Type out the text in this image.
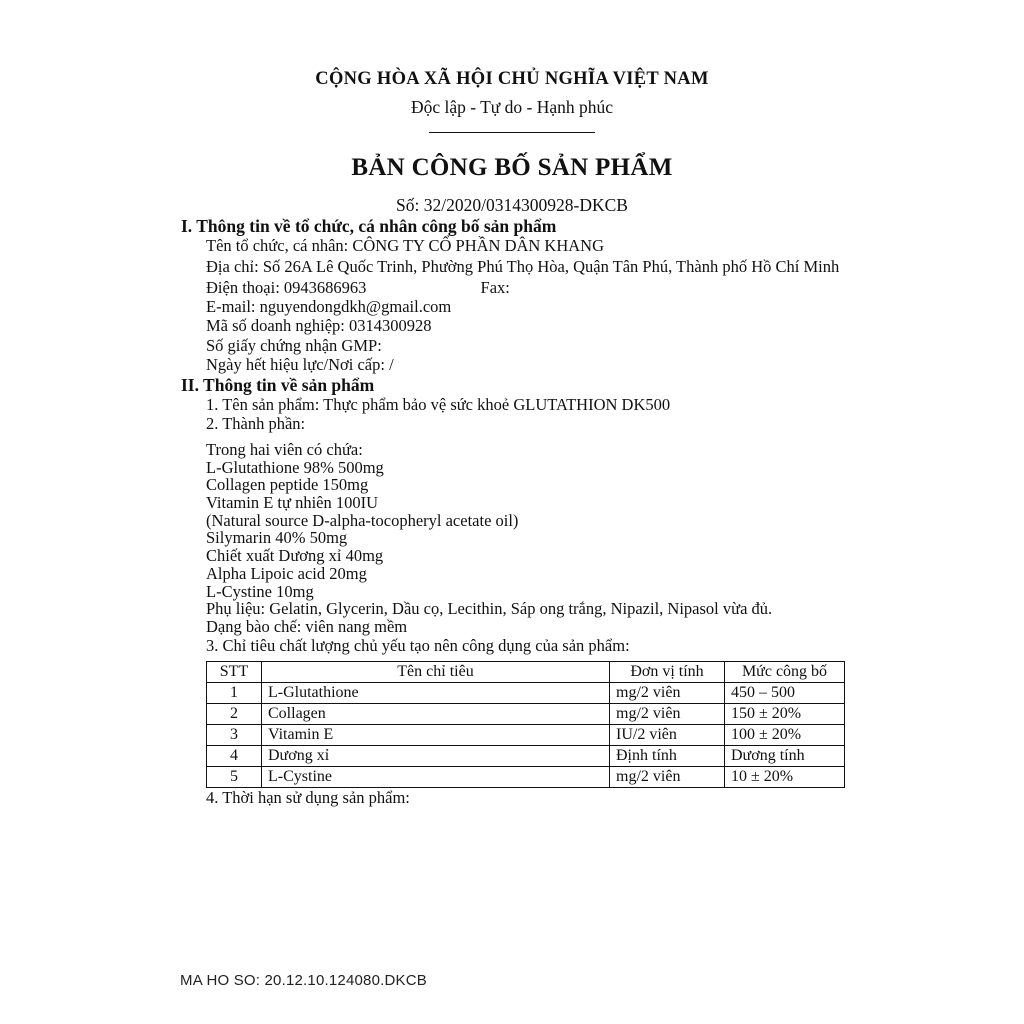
CỘNG HÒA XÃ HỘI CHỦ NGHĨA VIỆT NAM
Độc lập - Tự do - Hạnh phúc
BẢN CÔNG BỐ SẢN PHẨM
Số: 32/2020/0314300928-DKCB
I. Thông tin về tổ chức, cá nhân công bố sản phẩm

Tên tổ chức, cá nhân: CÔNG TY CỔ PHẦN DÂN KHANG

Địa chỉ: Số 26A Lê Quốc Trinh, Phường Phú Thọ Hòa, Quận Tân Phú, Thành phố Hồ Chí Minh

Điện thoại: 0943686963	Fax:

E-mail: nguyendongdkh@gmail.com

Mã số doanh nghiệp: 0314300928

Số giấy chứng nhận GMP:

Ngày hết hiệu lực/Nơi cấp: /

II. Thông tin về sản phẩm

1. Tên sản phẩm: Thực phẩm bảo vệ sức khoẻ GLUTATHION DK500

2. Thành phần:

Trong hai viên có chứa:
L-Glutathione 98% 500mg
Collagen peptide 150mg
Vitamin E tự nhiên 100IU
(Natural source D-alpha-tocopheryl acetate oil)
Silymarin 40% 50mg
Chiết xuất Dương xỉ 40mg
Alpha Lipoic acid 20mg
L-Cystine 10mg
Phụ liệu: Gelatin, Glycerin, Dầu cọ, Lecithin, Sáp ong trắng, Nipazil, Nipasol vừa đủ.
Dạng bào chế: viên nang mềm

3. Chỉ tiêu chất lượng chủ yếu tạo nên công dụng của sản phẩm:

STT	Tên chỉ tiêu	Đơn vị tính	Mức công bố
1	L-Glutathione	mg/2 viên	450 – 500
2	Collagen	mg/2 viên	150 ± 20%
3	Vitamin E	IU/2 viên	100 ± 20%
4	Dương xỉ	Định tính	Dương tính
5	L-Cystine	mg/2 viên	10 ± 20%

4. Thời hạn sử dụng sản phẩm:

MA HO SO: 20.12.10.124080.DKCB
